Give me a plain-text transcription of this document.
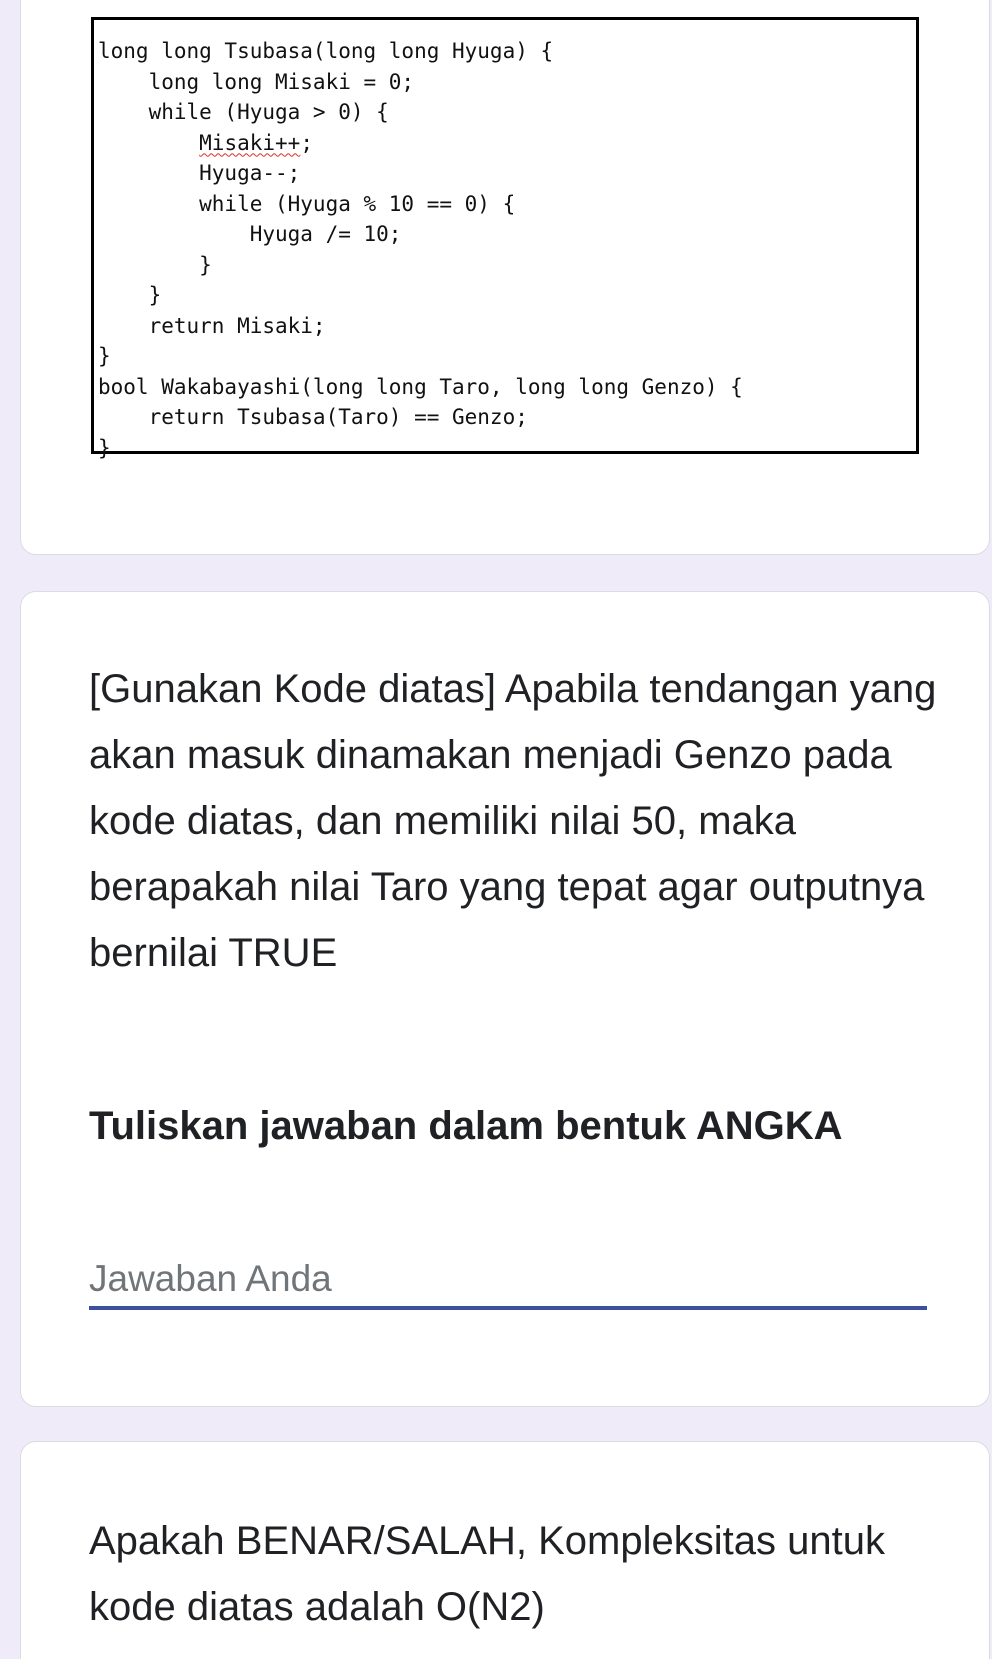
long long Tsubasa(long long Hyuga) {
long long Misaki = 0;
while (Hyuga > 0) {
Misaki++;
Hyuga--;
while (Hyuga % 10 == 0) {
Hyuga /= 10;
}
}
return Misaki;
}
bool Wakabayashi(long long Taro, long long Genzo) {
return Tsubasa(Taro) == Genzo;
}
[Gunakan Kode diatas] Apabila tendangan yang akan masuk dinamakan menjadi Genzo pada kode diatas, dan memiliki nilai 50, maka berapakah nilai Taro yang tepat agar outputnya bernilai TRUE
Tuliskan jawaban dalam bentuk ANGKA
Jawaban Anda
Apakah BENAR/SALAH, Kompleksitas untuk kode diatas adalah O(N2)
